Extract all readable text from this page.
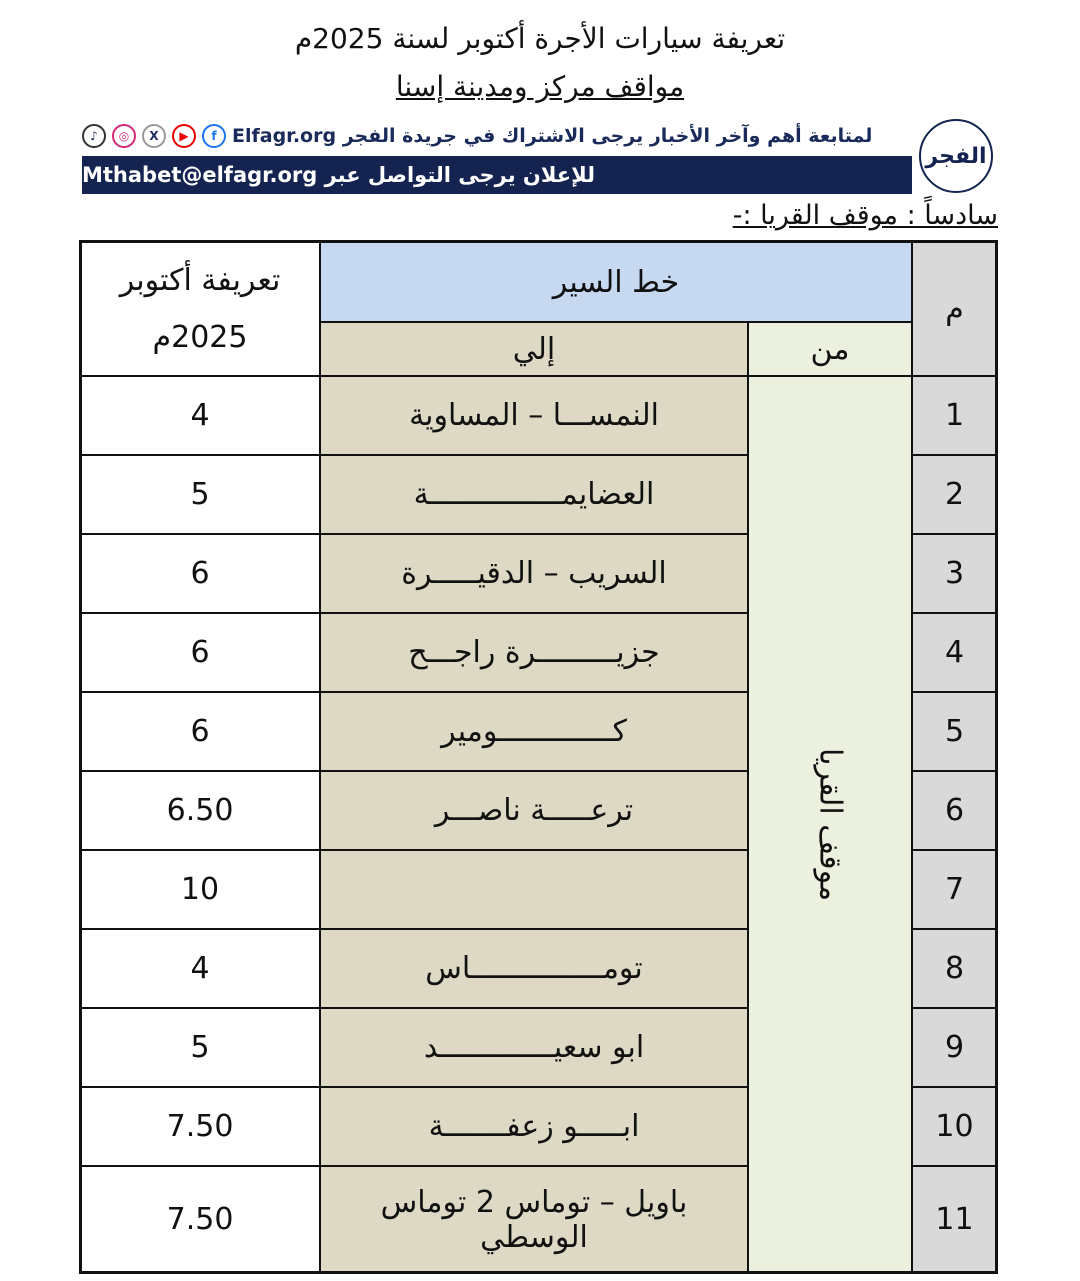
تعريفة سيارات الأجرة أكتوبر لسنة 2025م
مواقف مركز ومدينة إسنا
لمتابعة أهم وآخر الأخبار يرجى الاشتراك في جريدة الفجر Elfagr.org
f
▶
X
◎
♪
للإعلان يرجى التواصل عبر Mthabet@elfagr.org
الفجر
سادساً : موقف القريا :-
م
خط السير
إلي	من
تعريفة أكتوبر 2025م
موقف القريا
1
النمســـا – المساوية
4
2
العضايمـــــــــــــــة
5
3
السريب – الدقيـــــرة
6
4
جزيـــــــــرة راجـــح
6
5
كـــــــــــــومير
6
6
ترعـــــة ناصـــر
6.50
7
10
8
تومـــــــــــــــاس
4
9
ابو سعيـــــــــــــد
5
10
ابـــــو زعفـــــــة
7.50
11
باويل – توماس 2 توماس الوسطي
7.50
